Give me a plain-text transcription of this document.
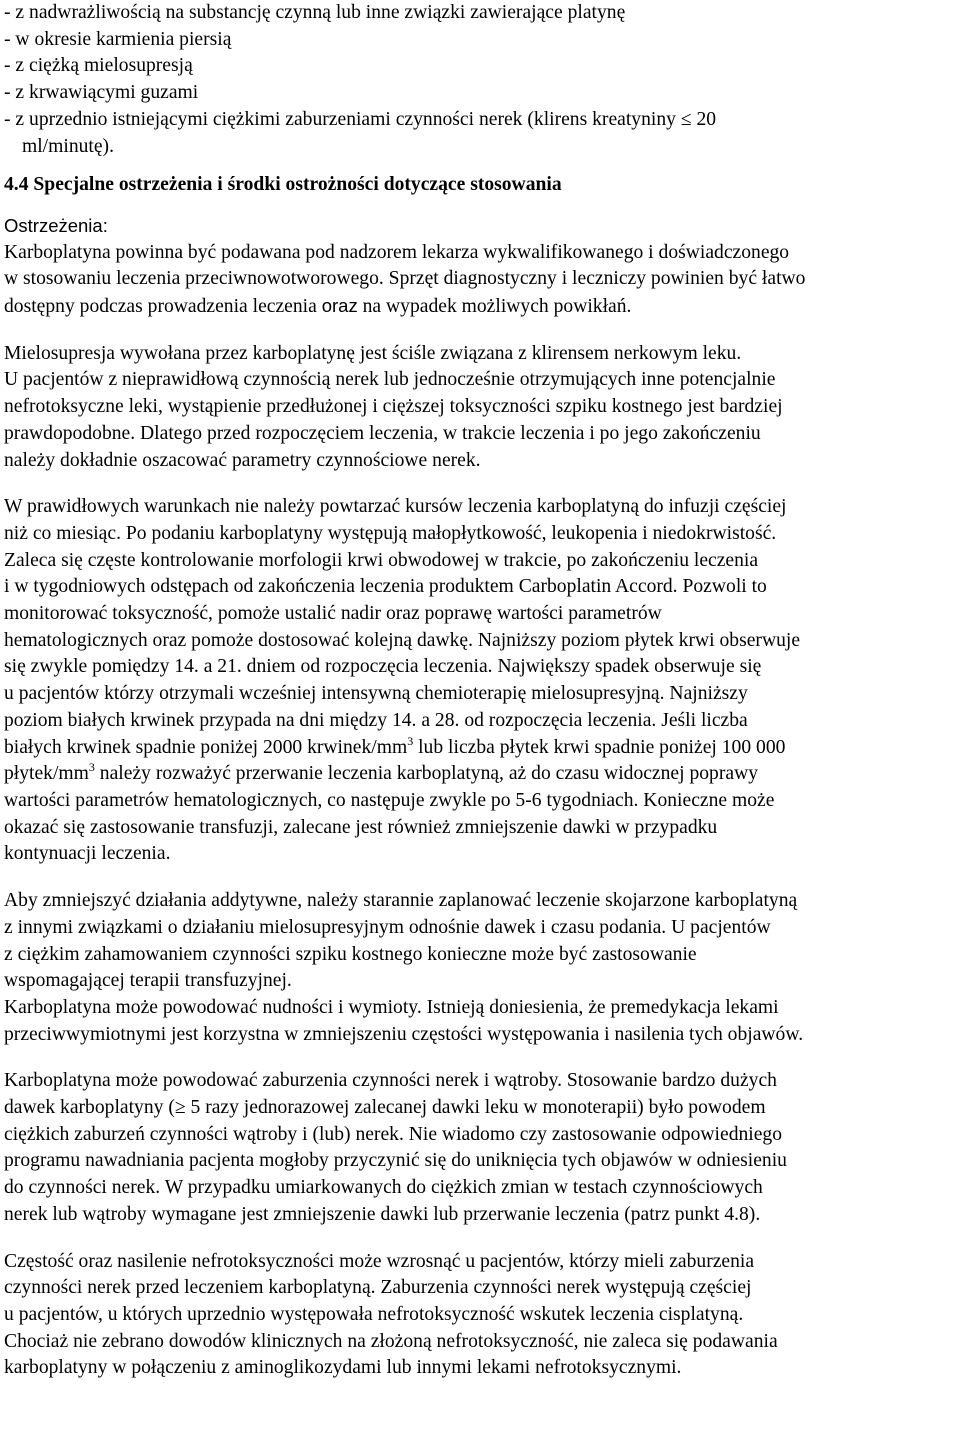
- z nadwrażliwością na substancję czynną lub inne związki zawierające platynę
- w okresie karmienia piersią
- z ciężką mielosupresją
- z krwawiącymi guzami
- z uprzednio istniejącymi ciężkimi zaburzeniami czynności nerek (klirens kreatyniny ≤ 20
ml/minutę).
4.4 Specjalne ostrzeżenia i środki ostrożności dotyczące stosowania
Ostrzeżenia:
Karboplatyna powinna być podawana pod nadzorem lekarza wykwalifikowanego i doświadczonego
w stosowaniu leczenia przeciwnowotworowego. Sprzęt diagnostyczny i leczniczy powinien być łatwo
dostępny podczas prowadzenia leczenia oraz na wypadek możliwych powikłań.
Mielosupresja wywołana przez karboplatynę jest ściśle związana z klirensem nerkowym leku.
U pacjentów z nieprawidłową czynnością nerek lub jednocześnie otrzymujących inne potencjalnie
nefrotoksyczne leki, wystąpienie przedłużonej i cięższej toksyczności szpiku kostnego jest bardziej
prawdopodobne. Dlatego przed rozpoczęciem leczenia, w trakcie leczenia i po jego zakończeniu
należy dokładnie oszacować parametry czynnościowe nerek.
W prawidłowych warunkach nie należy powtarzać kursów leczenia karboplatyną do infuzji częściej
niż co miesiąc. Po podaniu karboplatyny występują małopłytkowość, leukopenia i niedokrwistość.
Zaleca się częste kontrolowanie morfologii krwi obwodowej w trakcie, po zakończeniu leczenia
i w tygodniowych odstępach od zakończenia leczenia produktem Carboplatin Accord. Pozwoli to
monitorować toksyczność, pomoże ustalić nadir oraz poprawę wartości parametrów
hematologicznych oraz pomoże dostosować kolejną dawkę. Najniższy poziom płytek krwi obserwuje
się zwykle pomiędzy 14. a 21. dniem od rozpoczęcia leczenia. Największy spadek obserwuje się
u pacjentów którzy otrzymali wcześniej intensywną chemioterapię mielosupresyjną. Najniższy
poziom białych krwinek przypada na dni między 14. a 28. od rozpoczęcia leczenia. Jeśli liczba
białych krwinek spadnie poniżej 2000 krwinek/$mm^3$ lub liczba płytek krwi spadnie poniżej 100 000
płytek/$mm^3$ należy rozważyć przerwanie leczenia karboplatyną, aż do czasu widocznej poprawy
wartości parametrów hematologicznych, co następuje zwykle po 5-6 tygodniach. Konieczne może
okazać się zastosowanie transfuzji, zalecane jest również zmniejszenie dawki w przypadku
kontynuacji leczenia.
Aby zmniejszyć działania addytywne, należy starannie zaplanować leczenie skojarzone karboplatyną
z innymi związkami o działaniu mielosupresyjnym odnośnie dawek i czasu podania. U pacjentów
z ciężkim zahamowaniem czynności szpiku kostnego konieczne może być zastosowanie
wspomagającej terapii transfuzyjnej.
Karboplatyna może powodować nudności i wymioty. Istnieją doniesienia, że premedykacja lekami
przeciwwymiotnymi jest korzystna w zmniejszeniu częstości występowania i nasilenia tych objawów.
Karboplatyna może powodować zaburzenia czynności nerek i wątroby. Stosowanie bardzo dużych
dawek karboplatyny (≥ 5 razy jednorazowej zalecanej dawki leku w monoterapii) było powodem
ciężkich zaburzeń czynności wątroby i (lub) nerek. Nie wiadomo czy zastosowanie odpowiedniego
programu nawadniania pacjenta mogłoby przyczynić się do uniknięcia tych objawów w odniesieniu
do czynności nerek. W przypadku umiarkowanych do ciężkich zmian w testach czynnościowych
nerek lub wątroby wymagane jest zmniejszenie dawki lub przerwanie leczenia (patrz punkt 4.8).
Częstość oraz nasilenie nefrotoksyczności może wzrosnąć u pacjentów, którzy mieli zaburzenia
czynności nerek przed leczeniem karboplatyną. Zaburzenia czynności nerek występują częściej
u pacjentów, u których uprzednio występowała nefrotoksyczność wskutek leczenia cisplatyną.
Chociaż nie zebrano dowodów klinicznych na złożoną nefrotoksyczność, nie zaleca się podawania
karboplatyny w połączeniu z aminoglikozydami lub innymi lekami nefrotoksycznymi.
